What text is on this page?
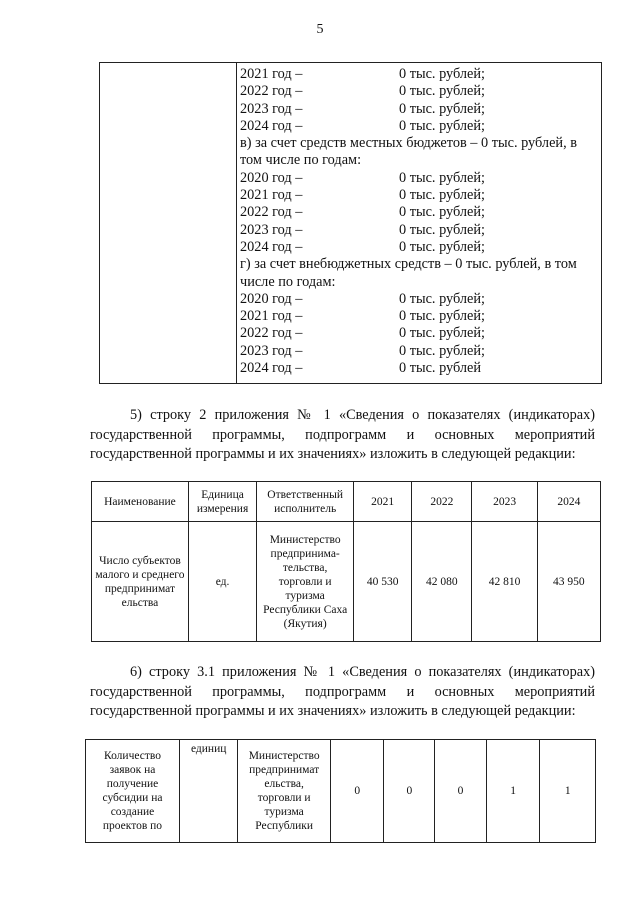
5
2021 год –	0 тыс. рублей;
2022 год –	0 тыс. рублей;
2023 год –	0 тыс. рублей;
2024 год –	0 тыс. рублей;
в) за счет средств местных бюджетов – 0 тыс. рублей, в
том числе по годам:
2020 год –	0 тыс. рублей;
2021 год –	0 тыс. рублей;
2022 год –	0 тыс. рублей;
2023 год –	0 тыс. рублей;
2024 год –	0 тыс. рублей;
г) за счет внебюджетных средств – 0 тыс. рублей, в том
числе по годам:
2020 год –	0 тыс. рублей;
2021 год –	0 тыс. рублей;
2022 год –	0 тыс. рублей;
2023 год –	0 тыс. рублей;
2024 год –	0 тыс. рублей
5) строку 2 приложения № 1 «Сведения о показателях (индикаторах) государственной программы, подпрограмм и основных мероприятий государственной программы и их значениях» изложить в следующей редакции:
Наименование	Единица измерения	Ответственный исполнитель	2021	2022	2023	2024
Число субъектов малого и среднего предпринимат ельства	ед.	Министерство предпринима-тельства, торговли и туризма Республики Саха (Якутия)	40 530	42 080	42 810	43 950
6) строку 3.1 приложения № 1 «Сведения о показателях (индикаторах) государственной программы, подпрограмм и основных мероприятий государственной программы и их значениях» изложить в следующей редакции:
Количество заявок на получение субсидии на создание проектов по	единиц	Министерство предпринимат ельства, торговли и туризма Республики	0	0	0	1	1
